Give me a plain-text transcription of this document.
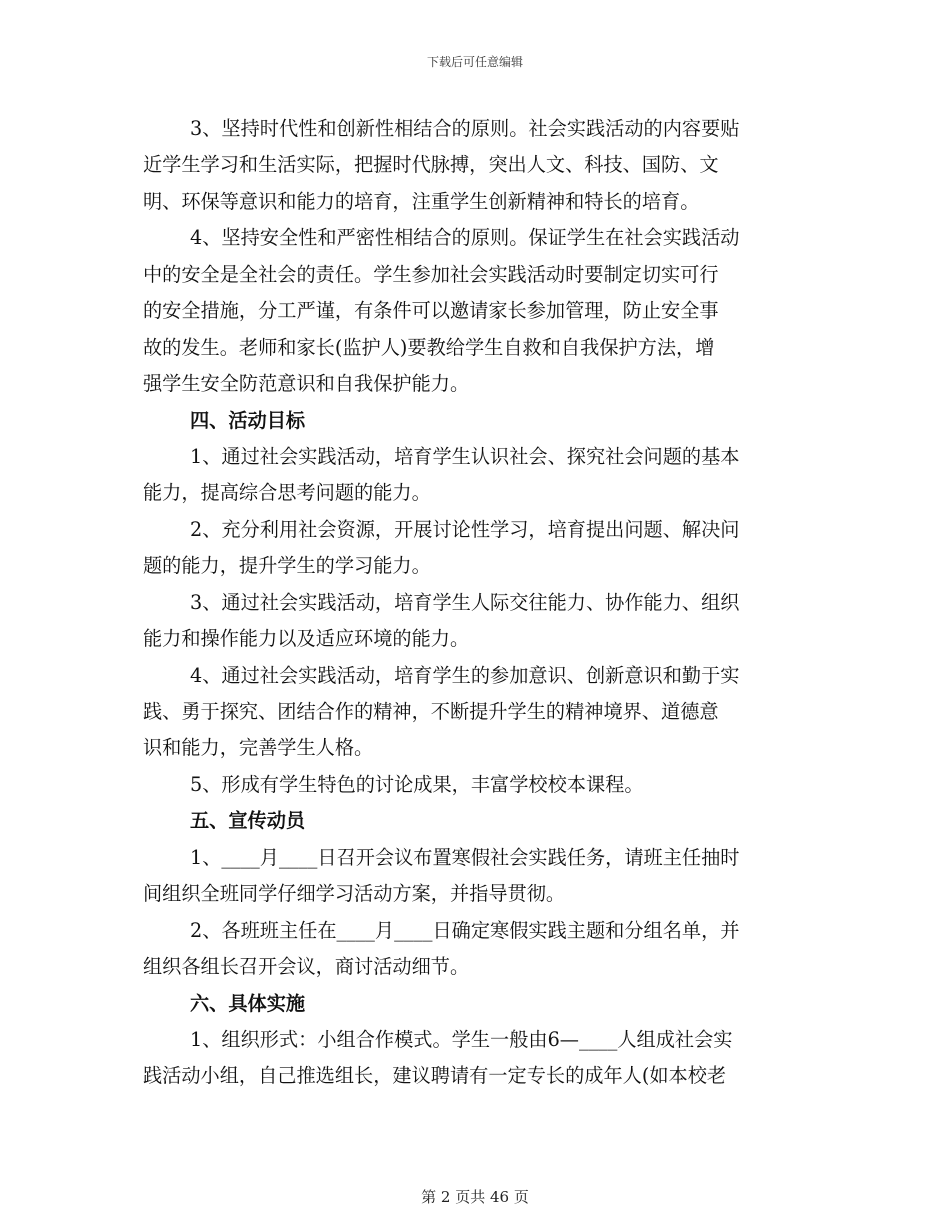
下载后可任意编辑
3、坚持时代性和创新性相结合的原则。社会实践活动的内容要贴
近学生学习和生活实际，把握时代脉搏，突出人文、科技、国防、文
明、环保等意识和能力的培育，注重学生创新精神和特长的培育。
4、坚持安全性和严密性相结合的原则。保证学生在社会实践活动
中的安全是全社会的责任。学生参加社会实践活动时要制定切实可行
的安全措施，分工严谨，有条件可以邀请家长参加管理，防止安全事
故的发生。老师和家长(监护人)要教给学生自救和自我保护方法，增
强学生安全防范意识和自我保护能力。
四、活动目标
1、通过社会实践活动，培育学生认识社会、探究社会问题的基本
能力，提高综合思考问题的能力。
2、充分利用社会资源，开展讨论性学习，培育提出问题、解决问
题的能力，提升学生的学习能力。
3、通过社会实践活动，培育学生人际交往能力、协作能力、组织
能力和操作能力以及适应环境的能力。
4、通过社会实践活动，培育学生的参加意识、创新意识和勤于实
践、勇于探究、团结合作的精神，不断提升学生的精神境界、道德意
识和能力，完善学生人格。
5、形成有学生特色的讨论成果，丰富学校校本课程。
五、宣传动员
1、____月____日召开会议布置寒假社会实践任务，请班主任抽时
间组织全班同学仔细学习活动方案，并指导贯彻。
2、各班班主任在____月____日确定寒假实践主题和分组名单，并
组织各组长召开会议，商讨活动细节。
六、具体实施
1、组织形式：小组合作模式。学生一般由6—____人组成社会实
践活动小组，自己推选组长，建议聘请有一定专长的成年人(如本校老
第 2 页共 46 页
